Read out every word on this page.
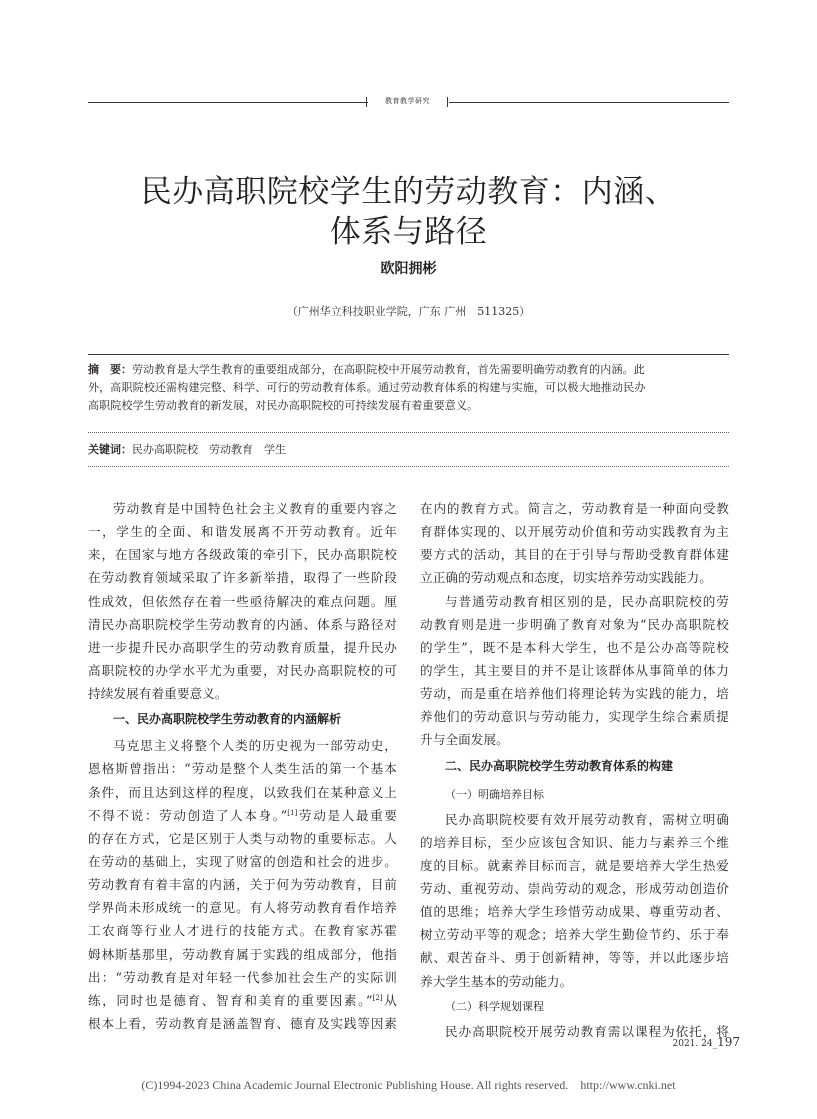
教育教学研究
民办高职院校学生的劳动教育：内涵、
体系与路径
欧阳拥彬
（广州华立科技职业学院，广东 广州　511325）
摘　要：劳动教育是大学生教育的重要组成部分，在高职院校中开展劳动教育，首先需要明确劳动教育的内涵。此
外，高职院校还需构建完整、科学、可行的劳动教育体系。通过劳动教育体系的构建与实施，可以极大地推动民办
高职院校学生劳动教育的新发展，对民办高职院校的可持续发展有着重要意义。
关键词：民办高职院校　劳动教育　学生
劳动教育是中国特色社会主义教育的重要内容之
一，学生的全面、和谐发展离不开劳动教育。近年
来，在国家与地方各级政策的牵引下，民办高职院校
在劳动教育领域采取了许多新举措，取得了一些阶段
性成效，但依然存在着一些亟待解决的难点问题。厘
清民办高职院校学生劳动教育的内涵、体系与路径对
进一步提升民办高职学生的劳动教育质量，提升民办
高职院校的办学水平尤为重要，对民办高职院校的可
持续发展有着重要意义。
一、民办高职院校学生劳动教育的内涵解析
马克思主义将整个人类的历史视为一部劳动史，
恩格斯曾指出：“劳动是整个人类生活的第一个基本
条件，而且达到这样的程度，以致我们在某种意义上
不得不说：劳动创造了人本身。”[1]劳动是人最重要
的存在方式，它是区别于人类与动物的重要标志。人
在劳动的基础上，实现了财富的创造和社会的进步。
劳动教育有着丰富的内涵，关于何为劳动教育，目前
学界尚未形成统一的意见。有人将劳动教育看作培养
工农商等行业人才进行的技能方式。在教育家苏霍
姆林斯基那里，劳动教育属于实践的组成部分，他指
出：“劳动教育是对年轻一代参加社会生产的实际训
练，同时也是德育、智育和美育的重要因素。”[2]从
根本上看，劳动教育是涵盖智育、德育及实践等因素
在内的教育方式。简言之，劳动教育是一种面向受教
育群体实现的、以开展劳动价值和劳动实践教育为主
要方式的活动，其目的在于引导与帮助受教育群体建
立正确的劳动观点和态度，切实培养劳动实践能力。
与普通劳动教育相区别的是，民办高职院校的劳
动教育则是进一步明确了教育对象为“民办高职院校
的学生”，既不是本科大学生，也不是公办高等院校
的学生，其主要目的并不是让该群体从事简单的体力
劳动，而是重在培养他们将理论转为实践的能力，培
养他们的劳动意识与劳动能力，实现学生综合素质提
升与全面发展。
二、民办高职院校学生劳动教育体系的构建
（一）明确培养目标
民办高职院校要有效开展劳动教育，需树立明确
的培养目标，至少应该包含知识、能力与素养三个维
度的目标。就素养目标而言，就是要培养大学生热爱
劳动、重视劳动、崇尚劳动的观念，形成劳动创造价
值的思维；培养大学生珍惜劳动成果、尊重劳动者、
树立劳动平等的观念；培养大学生勤俭节约、乐于奉
献、艰苦奋斗、勇于创新精神，等等，并以此逐步培
养大学生基本的劳动能力。
（二）科学规划课程
民办高职院校开展劳动教育需以课程为依托，将
2021. 24_197
(C)1994-2023 China Academic Journal Electronic Publishing House. All rights reserved.　http://www.cnki.net
